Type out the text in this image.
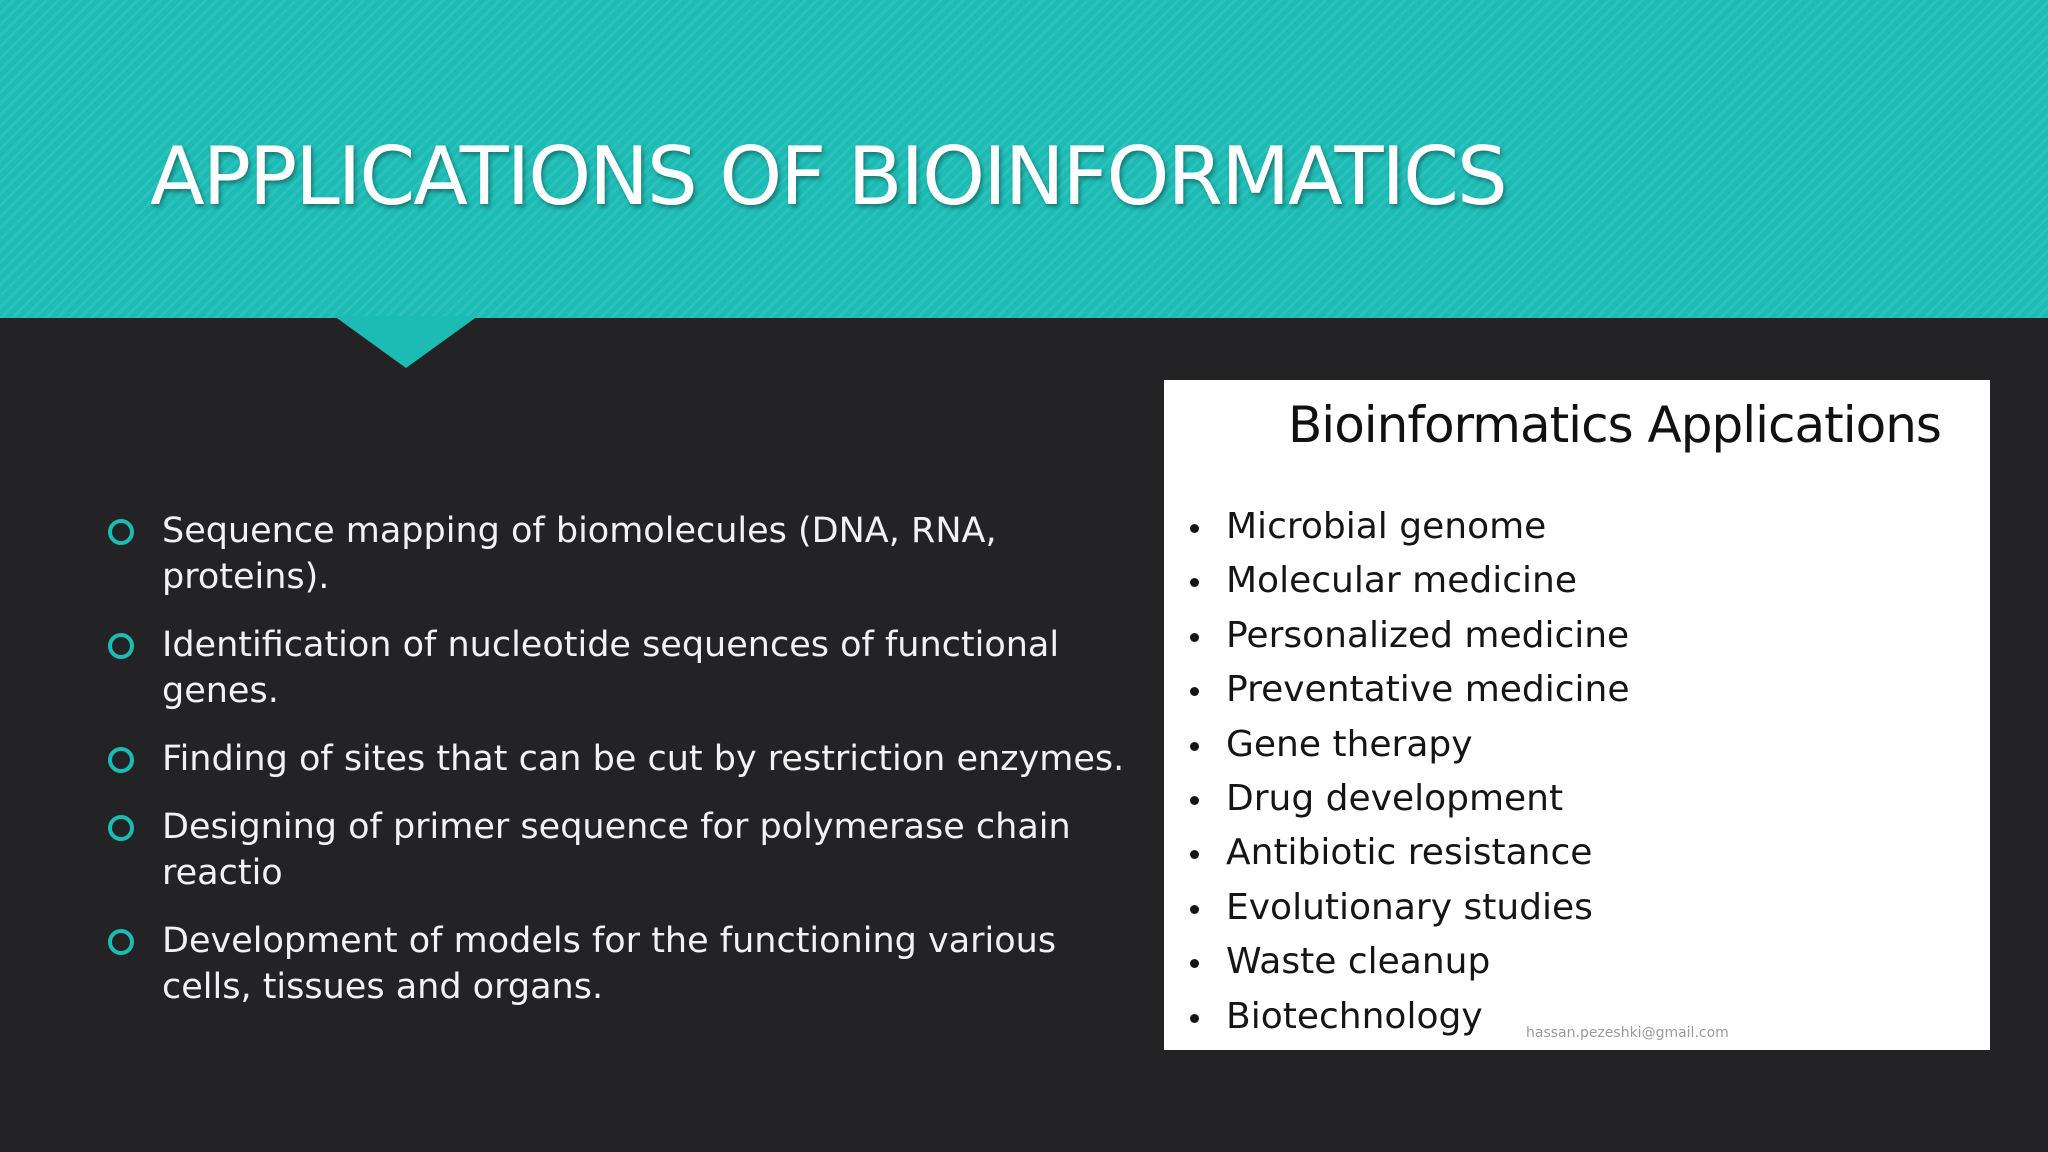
APPLICATIONS OF BIOINFORMATICS
Sequence mapping of biomolecules (DNA, RNA, proteins).
Identification of nucleotide sequences of functional genes.
Finding of sites that can be cut by restriction enzymes.
Designing of primer sequence for polymerase chain reactio
Development of models for the functioning various cells, tissues and organs.
Bioinformatics Applications
Microbial genome
Molecular medicine
Personalized medicine
Preventative medicine
Gene therapy
Drug development
Antibiotic resistance
Evolutionary studies
Waste cleanup
Biotechnology	hassan.pezeshki@gmail.com
